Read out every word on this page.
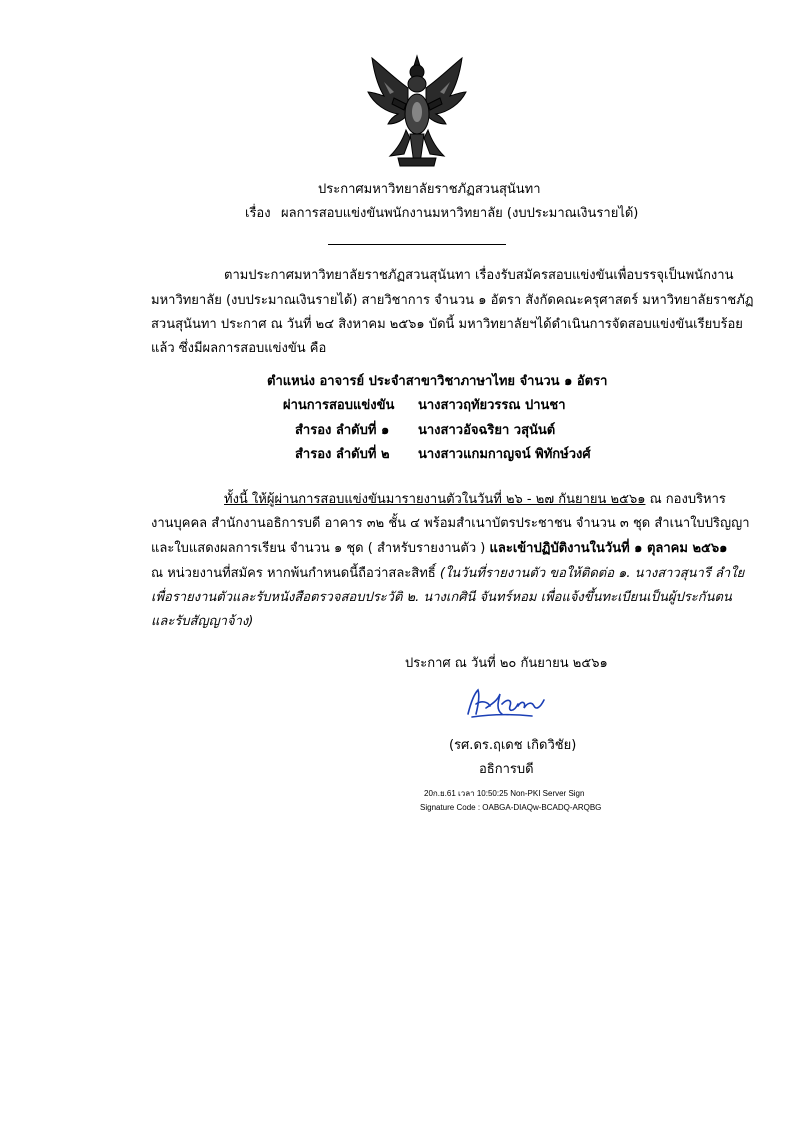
ประกาศมหาวิทยาลัยราชภัฏสวนสุนันทา
เรื่อง ผลการสอบแข่งขันพนักงานมหาวิทยาลัย (งบประมาณเงินรายได้)
ตามประกาศมหาวิทยาลัยราชภัฏสวนสุนันทา เรื่องรับสมัครสอบแข่งขันเพื่อบรรจุเป็นพนักงาน
มหาวิทยาลัย (งบประมาณเงินรายได้) สายวิชาการ จำนวน ๑ อัตรา สังกัดคณะครุศาสตร์ มหาวิทยาลัยราชภัฏ
สวนสุนันทา ประกาศ ณ วันที่ ๒๔ สิงหาคม ๒๕๖๑ บัดนี้ มหาวิทยาลัยฯได้ดำเนินการจัดสอบแข่งขันเรียบร้อย
แล้ว ซึ่งมีผลการสอบแข่งขัน คือ
ตำแหน่ง อาจารย์ ประจำสาขาวิชาภาษาไทย จำนวน ๑ อัตรา
ผ่านการสอบแข่งขัน นางสาวฤทัยวรรณ ปานชา
สำรอง ลำดับที่ ๑ นางสาวอัจฉริยา วสุนันต์
สำรอง ลำดับที่ ๒ นางสาวแกมกาญจน์ พิทักษ์วงศ์
ทั้งนี้ ให้ผู้ผ่านการสอบแข่งขันมารายงานตัวในวันที่ ๒๖ - ๒๗ กันยายน ๒๕๖๑ ณ กองบริหาร
งานบุคคล สำนักงานอธิการบดี อาคาร ๓๒ ชั้น ๔ พร้อมสำเนาบัตรประชาชน จำนวน ๓ ชุด สำเนาใบปริญญา
และใบแสดงผลการเรียน จำนวน ๑ ชุด ( สำหรับรายงานตัว ) และเข้าปฏิบัติงานในวันที่ ๑ ตุลาคม ๒๕๖๑
ณ หน่วยงานที่สมัคร หากพ้นกำหนดนี้ถือว่าสละสิทธิ์ (ในวันที่รายงานตัว ขอให้ติดต่อ ๑. นางสาวสุนารี ลำใย
เพื่อรายงานตัวและรับหนังสือตรวจสอบประวัติ ๒. นางเกศินี จันทร์หอม เพื่อแจ้งขึ้นทะเบียนเป็นผู้ประกันตน
และรับสัญญาจ้าง)
ประกาศ ณ วันที่ ๒๐ กันยายน ๒๕๖๑
(รศ.ดร.ฤเดช เกิดวิชัย)
อธิการบดี
20ก.ย.61 เวลา 10:50:25 Non-PKI Server Sign
Signature Code : OABGA-DIAQw-BCADQ-ARQBG
